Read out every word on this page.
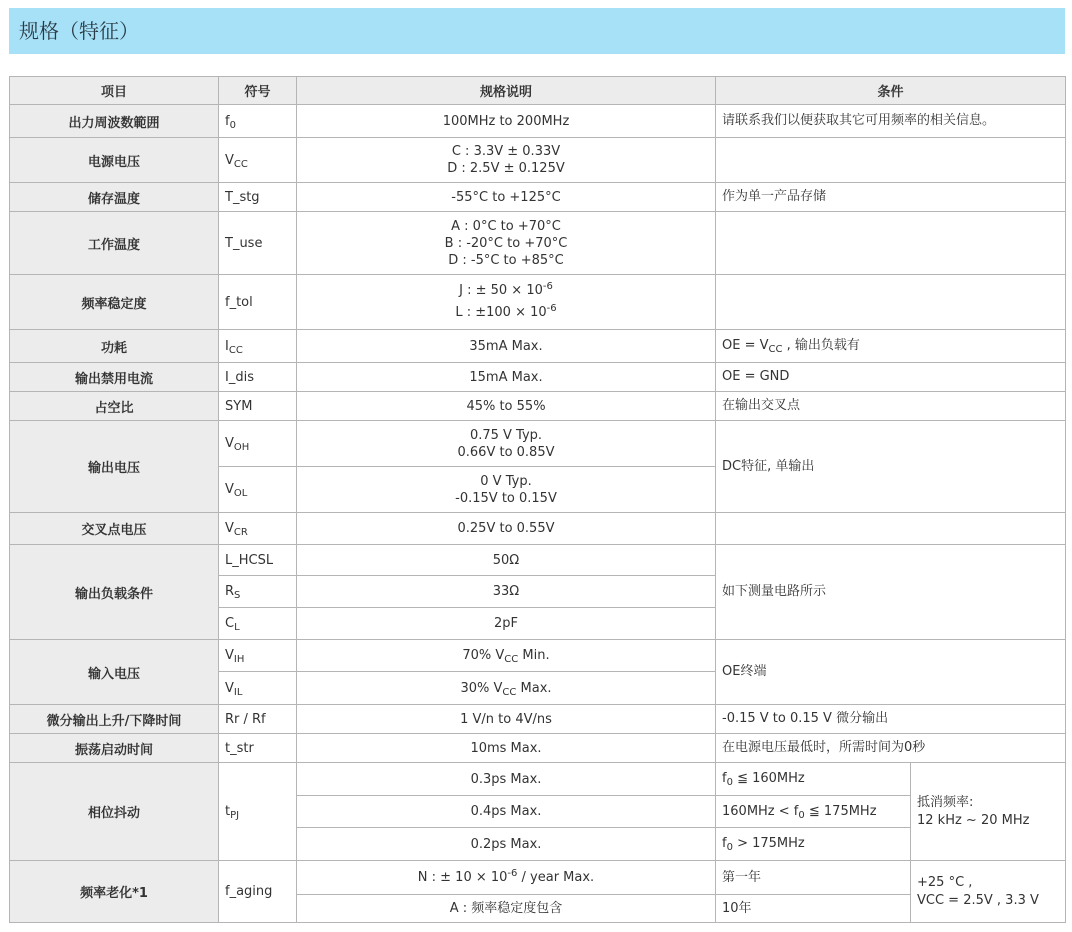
规格（特征）
项目	符号	规格说明	条件	
出力周波数範囲	$f_0$	100MHz to 200MHz	请联系我们以便获取其它可用频率的相关信息。	
电源电压	$V_{CC}$	C : 3.3V ± 0.33V
D : 2.5V ± 0.125V		

储存温度	T_stg	-55°C to +125°C	作为单一产品存储	
工作温度	T_use	A : 0°C to +70°C
B : -20°C to +70°C
D : -5°C to +85°C		

频率稳定度	f_tol	J : ± $50 \times 10^{-6}$
L : $\pm 100 \times 10^{-6}$

功耗	$I_{CC}$	35mA Max.	OE = $V_{CC}$ , 输出负载有	
输出禁用电流	I_dis	15mA Max.	OE = GND	
占空比	SYM	45% to 55%	在输出交叉点	
输出电压	$V_{OH}$	0.75 V Typ.
0.66V to 0.85V	DC特征, 单输出	
	$V_{OL}$	0 V Typ.
-0.15V to 0.15V		

交叉点电压	$V_{CR}$	0.25V to 0.55V		
输出负载条件	L_HCSL	50Ω	如下测量电路所示	
	$R_S$	33Ω		
	$C_L$	2pF		
输入电压	$V_{IH}$	70% $V_{CC}$ Min.	OE终端	
	$V_{IL}$	30% $V_{CC}$ Max.		
微分输出上升/下降时间	Rr / Rf	1 V/n to 4V/ns	-0.15 V to 0.15 V 微分输出	
振荡启动时间	t_str	10ms Max.	在电源电压最低时，所需时间为0秒	
相位抖动	$t_{PJ}$	0.3ps Max.	$f_0$ ≦ 160MHz	抵消频率:
12 kHz ~ 20 MHz

		0.4ps Max.	$160MHz < f_0$ ≦ 175MHz	
		0.2ps Max.	$f_0 > 175MHz$	
频率老化*1	f_aging	N : ± $10 \times 10^{-6}$ / year Max.	第一年	+25 °C ,
VCC = 2.5V , 3.3 V

		A : 频率稳定度包含	10年	
